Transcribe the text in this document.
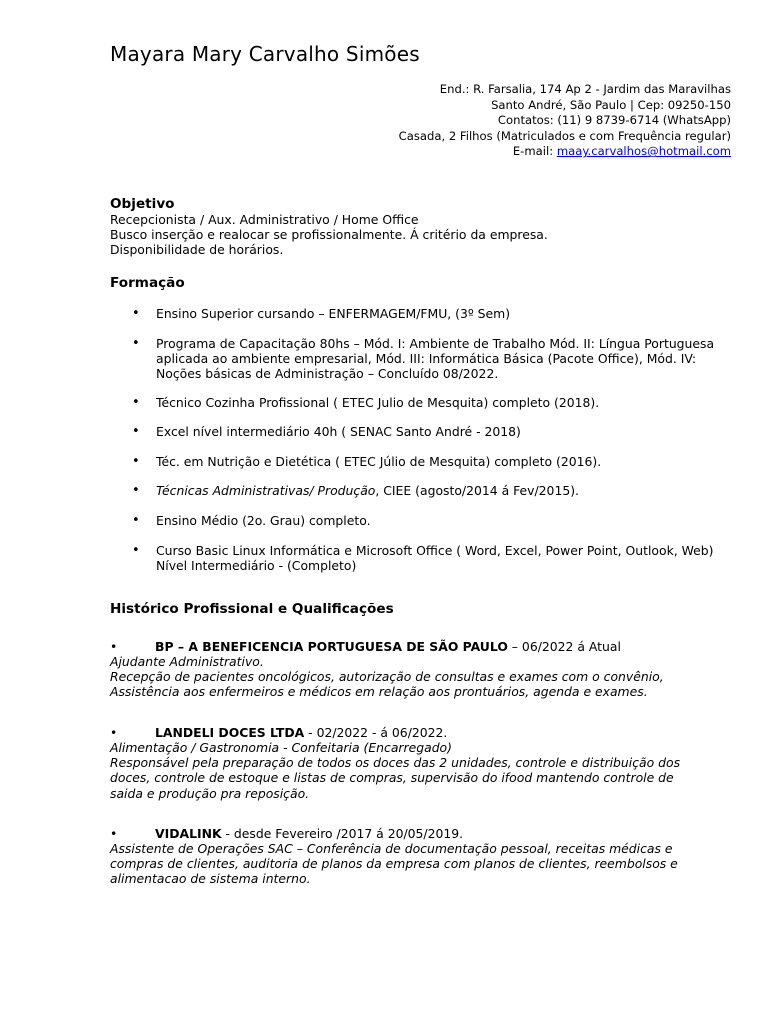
Mayara Mary Carvalho Simões
End.: R. Farsalia, 174 Ap 2 - Jardim das Maravilhas
Santo André, São Paulo | Cep: 09250-150
Contatos: (11) 9 8739-6714 (WhatsApp)
Casada, 2 Filhos (Matriculados e com Frequência regular)
E-mail: maay.carvalhos@hotmail.com
Objetivo
Recepcionista / Aux. Administrativo / Home Office
Busco inserção e realocar se profissionalmente. Á critério da empresa.
Disponibilidade de horários.
Formação
• Ensino Superior cursando – ENFERMAGEM/FMU, (3º Sem)
• Programa de Capacitação 80hs – Mód. I: Ambiente de Trabalho Mód. II: Língua Portuguesa aplicada ao ambiente empresarial, Mód. III: Informática Básica (Pacote Office), Mód. IV: Noções básicas de Administração – Concluído 08/2022.
• Técnico Cozinha Profissional ( ETEC Julio de Mesquita) completo (2018).
• Excel nível intermediário 40h ( SENAC Santo André - 2018)
• Téc. em Nutrição e Dietética ( ETEC Júlio de Mesquita) completo (2016).
• Técnicas Administrativas/ Produção, CIEE (agosto/2014 á Fev/2015).
• Ensino Médio (2o. Grau) completo.
• Curso Basic Linux Informática e Microsoft Office ( Word, Excel, Power Point, Outlook, Web) Nível Intermediário - (Completo)
Histórico Profissional e Qualificações
•	BP – A BENEFICENCIA PORTUGUESA DE SÃO PAULO – 06/2022 á Atual
Ajudante Administrativo.
Recepção de pacientes oncológicos, autorização de consultas e exames com o convênio, Assistência aos enfermeiros e médicos em relação aos prontuários, agenda e exames.
•	LANDELI DOCES LTDA - 02/2022 - á 06/2022.
Alimentação / Gastronomia - Confeitaria (Encarregado)
Responsável pela preparação de todos os doces das 2 unidades, controle e distribuição dos doces, controle de estoque e listas de compras, supervisão do ifood mantendo controle de saida e produção pra reposição.
•	VIDALINK - desde Fevereiro /2017 á 20/05/2019.
Assistente de Operações SAC – Conferência de documentação pessoal, receitas médicas e compras de clientes, auditoria de planos da empresa com planos de clientes, reembolsos e alimentacao de sistema interno.
